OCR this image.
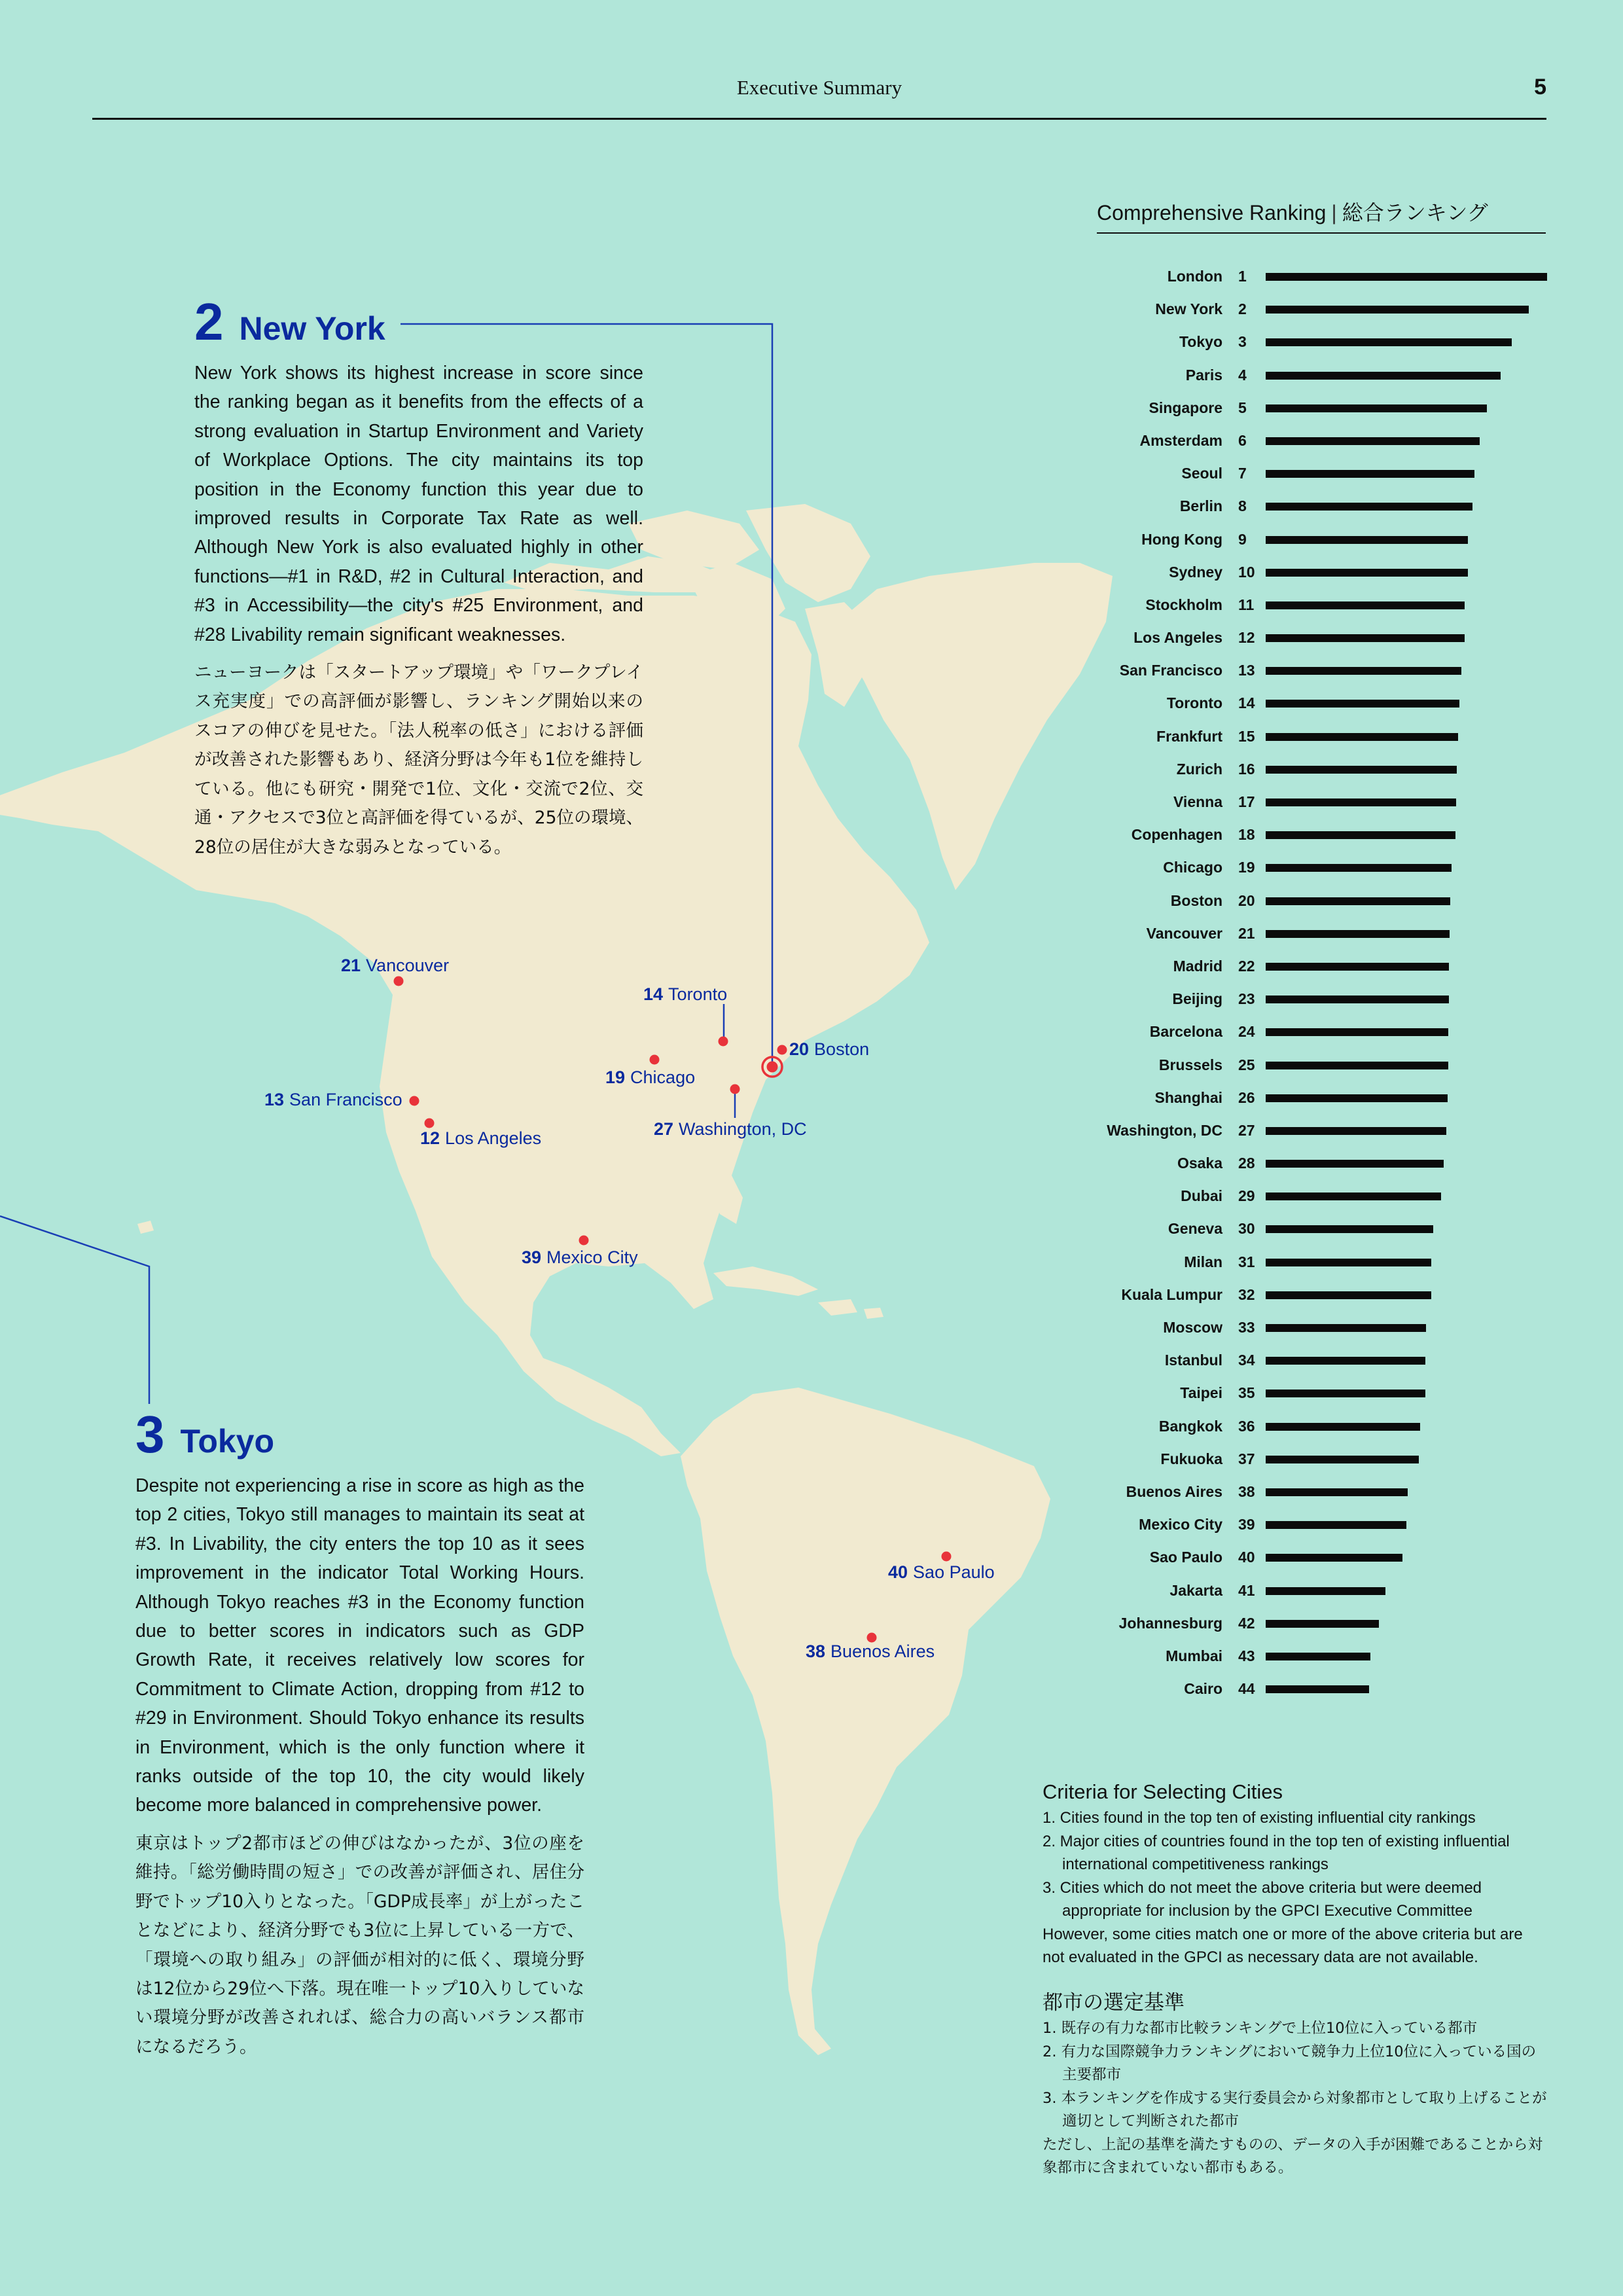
Executive Summary	5
2 New York

New York shows its highest increase in score since the ranking began as it benefits from the effects of a strong evaluation in Startup Environment and Variety of Workplace Options. The city maintains its top position in the Economy function this year due to improved results in Corporate Tax Rate as well. Although New York is also evaluated highly in other functions—#1 in R&D, #2 in Cultural Interaction, and #3 in Accessibility—the city's #25 Environment, and #28 Livability remain significant weaknesses.

ニューヨークは「スタートアップ環境」や「ワークプレイス充実度」での高評価が影響し、ランキング開始以来のスコアの伸びを見せた。「法人税率の低さ」における評価が改善された影響もあり、経済分野は今年も1位を維持している。他にも研究・開発で1位、文化・交流で2位、交通・アクセスで3位と高評価を得ているが、25位の環境、28位の居住が大きな弱みとなっている。

3 Tokyo

Despite not experiencing a rise in score as high as the top 2 cities, Tokyo still manages to maintain its seat at #3. In Livability, the city enters the top 10 as it sees improvement in the indicator Total Working Hours. Although Tokyo reaches #3 in the Economy function due to better scores in indicators such as GDP Growth Rate, it receives relatively low scores for Commitment to Climate Action, dropping from #12 to #29 in Environment. Should Tokyo enhance its results in Environment, which is the only function where it ranks outside of the top 10, the city would likely become more balanced in comprehensive power.

東京はトップ2都市ほどの伸びはなかったが、3位の座を維持。「総労働時間の短さ」での改善が評価され、居住分野でトップ10入りとなった。「GDP成長率」が上がったことなどにより、経済分野でも3位に上昇している一方で、「環境への取り組み」の評価が相対的に低く、環境分野は12位から29位へ下落。現在唯一トップ10入りしていない環境分野が改善されれば、総合力の高いバランス都市になるだろう。

21 Vancouver
14 Toronto
20 Boston
19 Chicago
13 San Francisco
12 Los Angeles	27 Washington, DC
39 Mexico City
40 Sao Paulo
38 Buenos Aires
Comprehensive Ranking | 総合ランキング
London 1
New York 2
Tokyo 3
Paris 4
Singapore 5
Amsterdam 6
Seoul 7
Berlin 8
Hong Kong 9
Sydney 10
Stockholm 11
Los Angeles 12
San Francisco 13
Toronto 14
Frankfurt 15
Zurich 16
Vienna 17
Copenhagen 18
Chicago 19
Boston 20
Vancouver 21
Madrid 22
Beijing 23
Barcelona 24
Brussels 25
Shanghai 26
Washington, DC 27
Osaka 28
Dubai 29
Geneva 30
Milan 31
Kuala Lumpur 32
Moscow 33
Istanbul 34
Taipei 35
Bangkok 36
Fukuoka 37
Buenos Aires 38
Mexico City 39
Sao Paulo 40
Jakarta 41
Johannesburg 42
Mumbai 43
Cairo 44
Criteria for Selecting Cities
1. Cities found in the top ten of existing influential city rankings
2. Major cities of countries found in the top ten of existing influential international competitiveness rankings
3. Cities which do not meet the above criteria but were deemed appropriate for inclusion by the GPCI Executive Committee
However, some cities match one or more of the above criteria but are not evaluated in the GPCI as necessary data are not available.
都市の選定基準
1. 既存の有力な都市比較ランキングで上位10位に入っている都市
2. 有力な国際競争力ランキングにおいて競争力上位10位に入っている国の主要都市
3. 本ランキングを作成する実行委員会から対象都市として取り上げることが適切として判断された都市
ただし、上記の基準を満たすものの、データの入手が困難であることから対象都市に含まれていない都市もある。
